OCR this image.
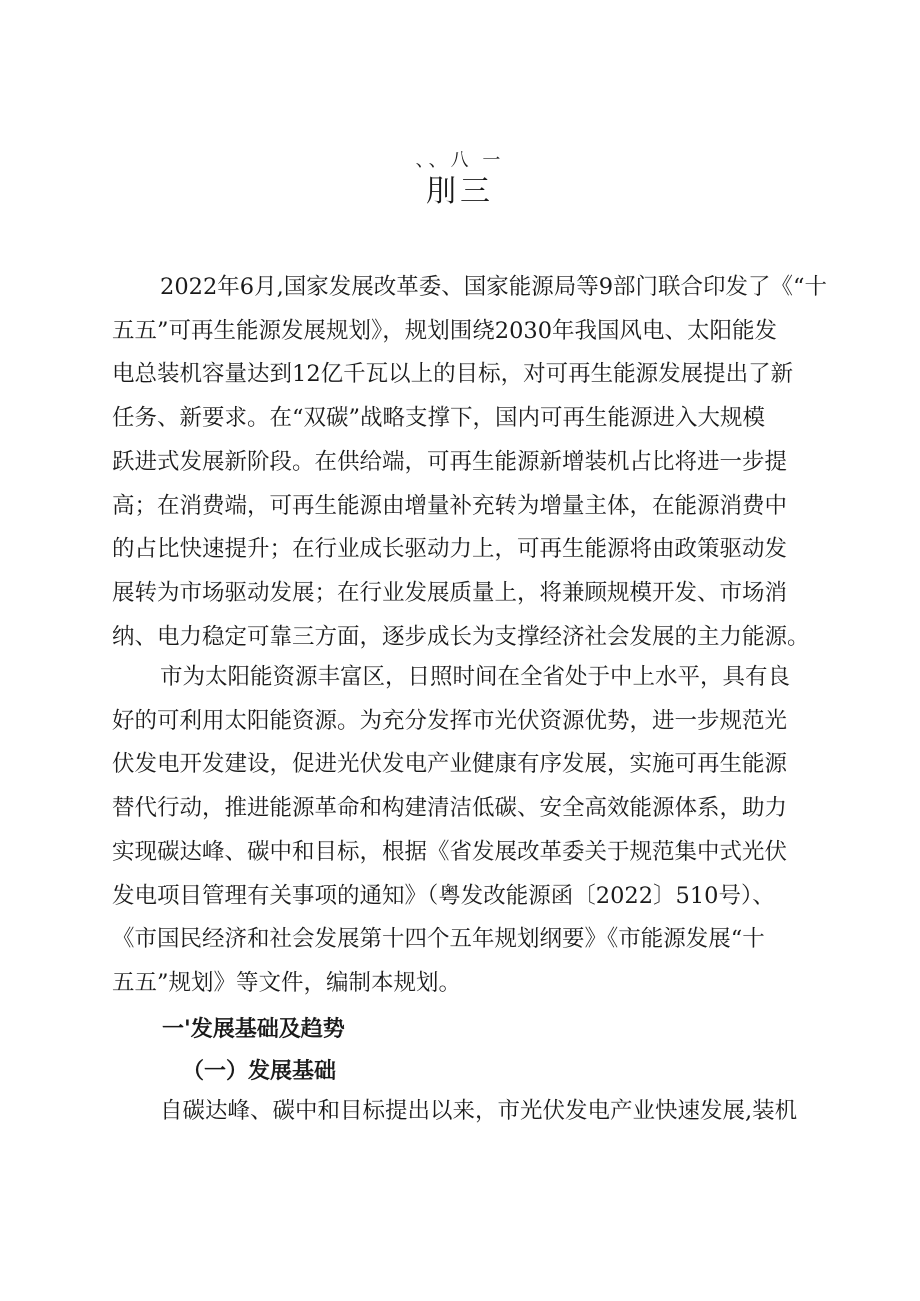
、、八 一
刖三

2022年6月,国家发展改革委、国家能源局等9部门联合印发了《“十
五五”可再生能源发展规划》，规划围绕2030年我国风电、太阳能发
电总装机容量达到12亿千瓦以上的目标，对可再生能源发展提出了新
任务、新要求。在“双碳”战略支撑下，国内可再生能源进入大规模
跃进式发展新阶段。在供给端，可再生能源新增装机占比将进一步提
高；在消费端，可再生能源由增量补充转为增量主体，在能源消费中
的占比快速提升；在行业成长驱动力上，可再生能源将由政策驱动发
展转为市场驱动发展；在行业发展质量上，将兼顾规模开发、市场消
纳、电力稳定可靠三方面，逐步成长为支撑经济社会发展的主力能源。

市为太阳能资源丰富区，日照时间在全省处于中上水平，具有良
好的可利用太阳能资源。为充分发挥市光伏资源优势，进一步规范光
伏发电开发建设，促进光伏发电产业健康有序发展，实施可再生能源
替代行动，推进能源革命和构建清洁低碳、安全高效能源体系，助力
实现碳达峰、碳中和目标，根据《省发展改革委关于规范集中式光伏
发电项目管理有关事项的通知》（粤发改能源函〔2022〕510号）、
《市国民经济和社会发展第十四个五年规划纲要》《市能源发展“十
五五”规划》等文件，编制本规划。

一'发展基础及趋势
（一）发展基础

自碳达峰、碳中和目标提出以来，市光伏发电产业快速发展,装机
